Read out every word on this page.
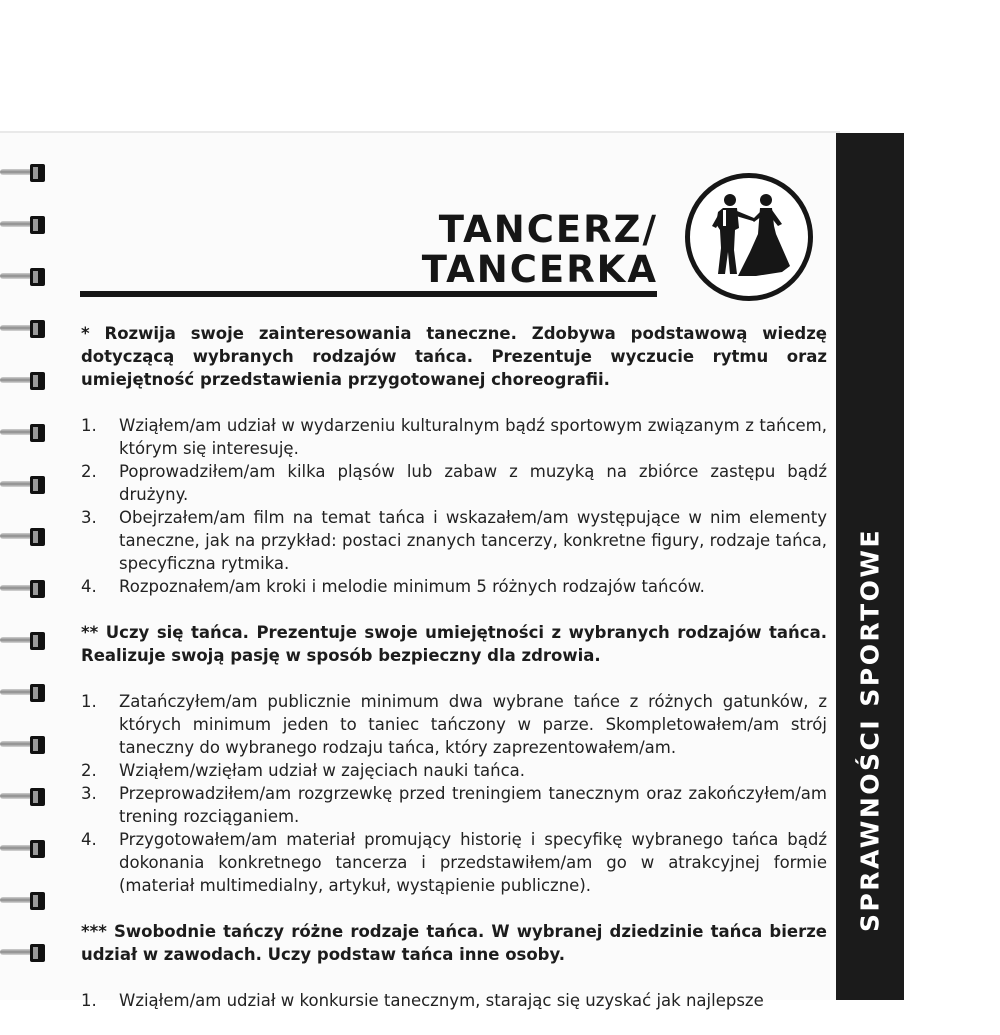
SPRAWNOŚCI SPORTOWE
TANCERZ/
TANCERKA

* Rozwija swoje zainteresowania taneczne. Zdobywa podstawową wiedzę dotyczącą wybranych rodzajów tańca. Prezentuje wyczucie rytmu oraz umiejętność przedstawienia przygotowanej choreografii.

1. Wziąłem/am udział w wydarzeniu kulturalnym bądź sportowym związanym z tańcem, którym się interesuję.
2. Poprowadziłem/am kilka pląsów lub zabaw z muzyką na zbiórce zastępu bądź drużyny.
3. Obejrzałem/am film na temat tańca i wskazałem/am występujące w nim elementy taneczne, jak na przykład: postaci znanych tancerzy, konkretne figury, rodzaje tańca, specyficzna rytmika.
4. Rozpoznałem/am kroki i melodie minimum 5 różnych rodzajów tańców.

** Uczy się tańca. Prezentuje swoje umiejętności z wybranych rodzajów tańca. Realizuje swoją pasję w sposób bezpieczny dla zdrowia.

1. Zatańczyłem/am publicznie minimum dwa wybrane tańce z różnych gatunków, z których minimum jeden to taniec tańczony w parze. Skompletowałem/am strój taneczny do wybranego rodzaju tańca, który zaprezentowałem/am.
2. Wziąłem/wzięłam udział w zajęciach nauki tańca.
3. Przeprowadziłem/am rozgrzewkę przed treningiem tanecznym oraz zakończyłem/am trening rozciąganiem.
4. Przygotowałem/am materiał promujący historię i specyfikę wybranego tańca bądź dokonania konkretnego tancerza i przedstawiłem/am go w atrakcyjnej formie (materiał multimedialny, artykuł, wystąpienie publiczne).

*** Swobodnie tańczy różne rodzaje tańca. W wybranej dziedzinie tańca bierze udział w zawodach. Uczy podstaw tańca inne osoby.

1. Wziąłem/am udział w konkursie tanecznym, starając się uzyskać jak najlepsze
